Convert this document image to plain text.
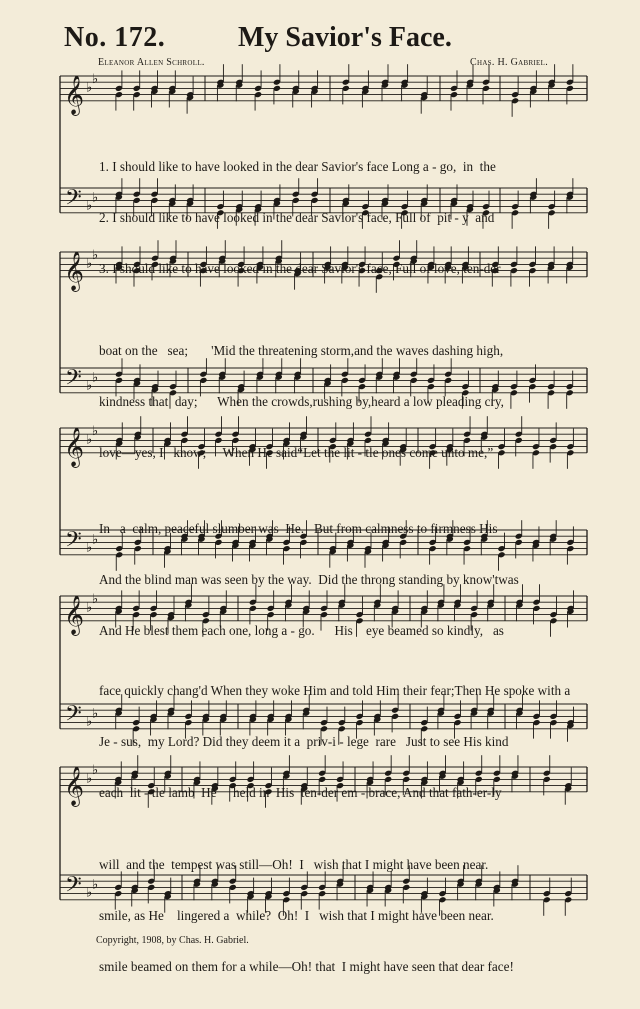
𝄞
𝄢
♭
♭
♭
♭
𝄞
𝄢
♭
♭
♭
♭
𝄞
𝄢
♭
♭
♭
♭
𝄞
𝄢
♭
♭
♭
♭
𝄞
𝄢
♭
♭
♭
♭
No. 172.	My Savior's Face.
Eleanor Allen Schroll.	Chas. H. Gabriel.

1. I should like to have looked in the dear Savior's face Long a - go,  in  the

2. I should like to have looked in the dear Savior's face, Full of  pit - y  and

3. I should like to have looked in the dear Savior's face, Full of love, ten-der

boat on the   sea;       'Mid the threatening storm,and the waves dashing high,

kindness that  day;      When the crowds,rushing by,heard a low pleading cry,

love—yes, I   know;     When He said“Let the lit - tle ones come unto me,”

In   a  calm, peaceful slumber was  He.   But from calmness to firmness His

And the blind man was seen by the way.  Did the throng standing by know'twas

And He blest them each one, long a - go.      His    eye beamed so kindly,   as

face quickly chang'd When they woke Him and told Him their fear;Then He spoke with a

Je - sus,  my Lord? Did they deem it a  priv-i - lege  rare   Just to see His kind

each  lit - tle lamb  He     held in  His  ten-der em - brace, And that fath-er-ly

will  and the  tempest was still—Oh!  I   wish that I might have been near.

smile, as He    lingered a  while?  Oh!  I   wish that I might have been near.

smile beamed on them for a while—Oh! that  I might have seen that dear face!

Copyright, 1908, by Chas. H. Gabriel.
